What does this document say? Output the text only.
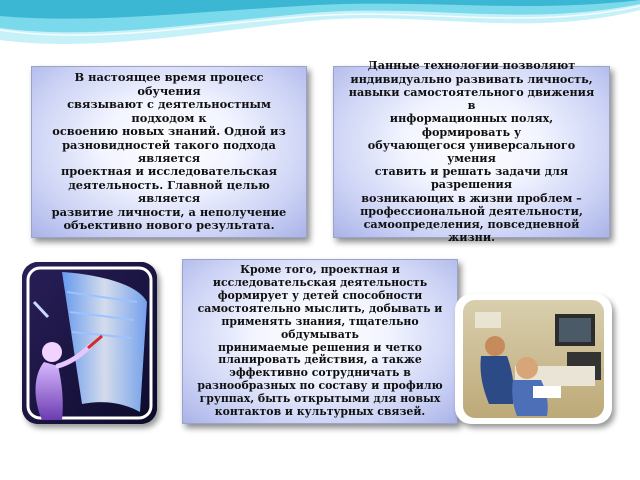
В настоящее время процесс обучения
связывают с деятельностным подходом к
освоению новых знаний. Одной из
разновидностей такого подхода является
проектная и исследовательская
деятельность. Главной целью является
развитие личности, а неполучение
объективно нового результата.
Данные технологии позволяют
индивидуально развивать личность,
навыки самостоятельного движения в
информационных полях, формировать у
обучающегося универсального умения
ставить и решать задачи для разрешения
возникающих в жизни проблем –
профессиональной деятельности,
самоопределения, повседневной жизни.
Кроме того, проектная и
исследовательская деятельность
формирует у детей способности
самостоятельно мыслить, добывать и
применять знания, тщательно обдумывать
принимаемые решения и четко
планировать действия, а также
эффективно сотрудничать в
разнообразных по составу и профилю
группах, быть открытыми для новых
контактов и культурных связей.
